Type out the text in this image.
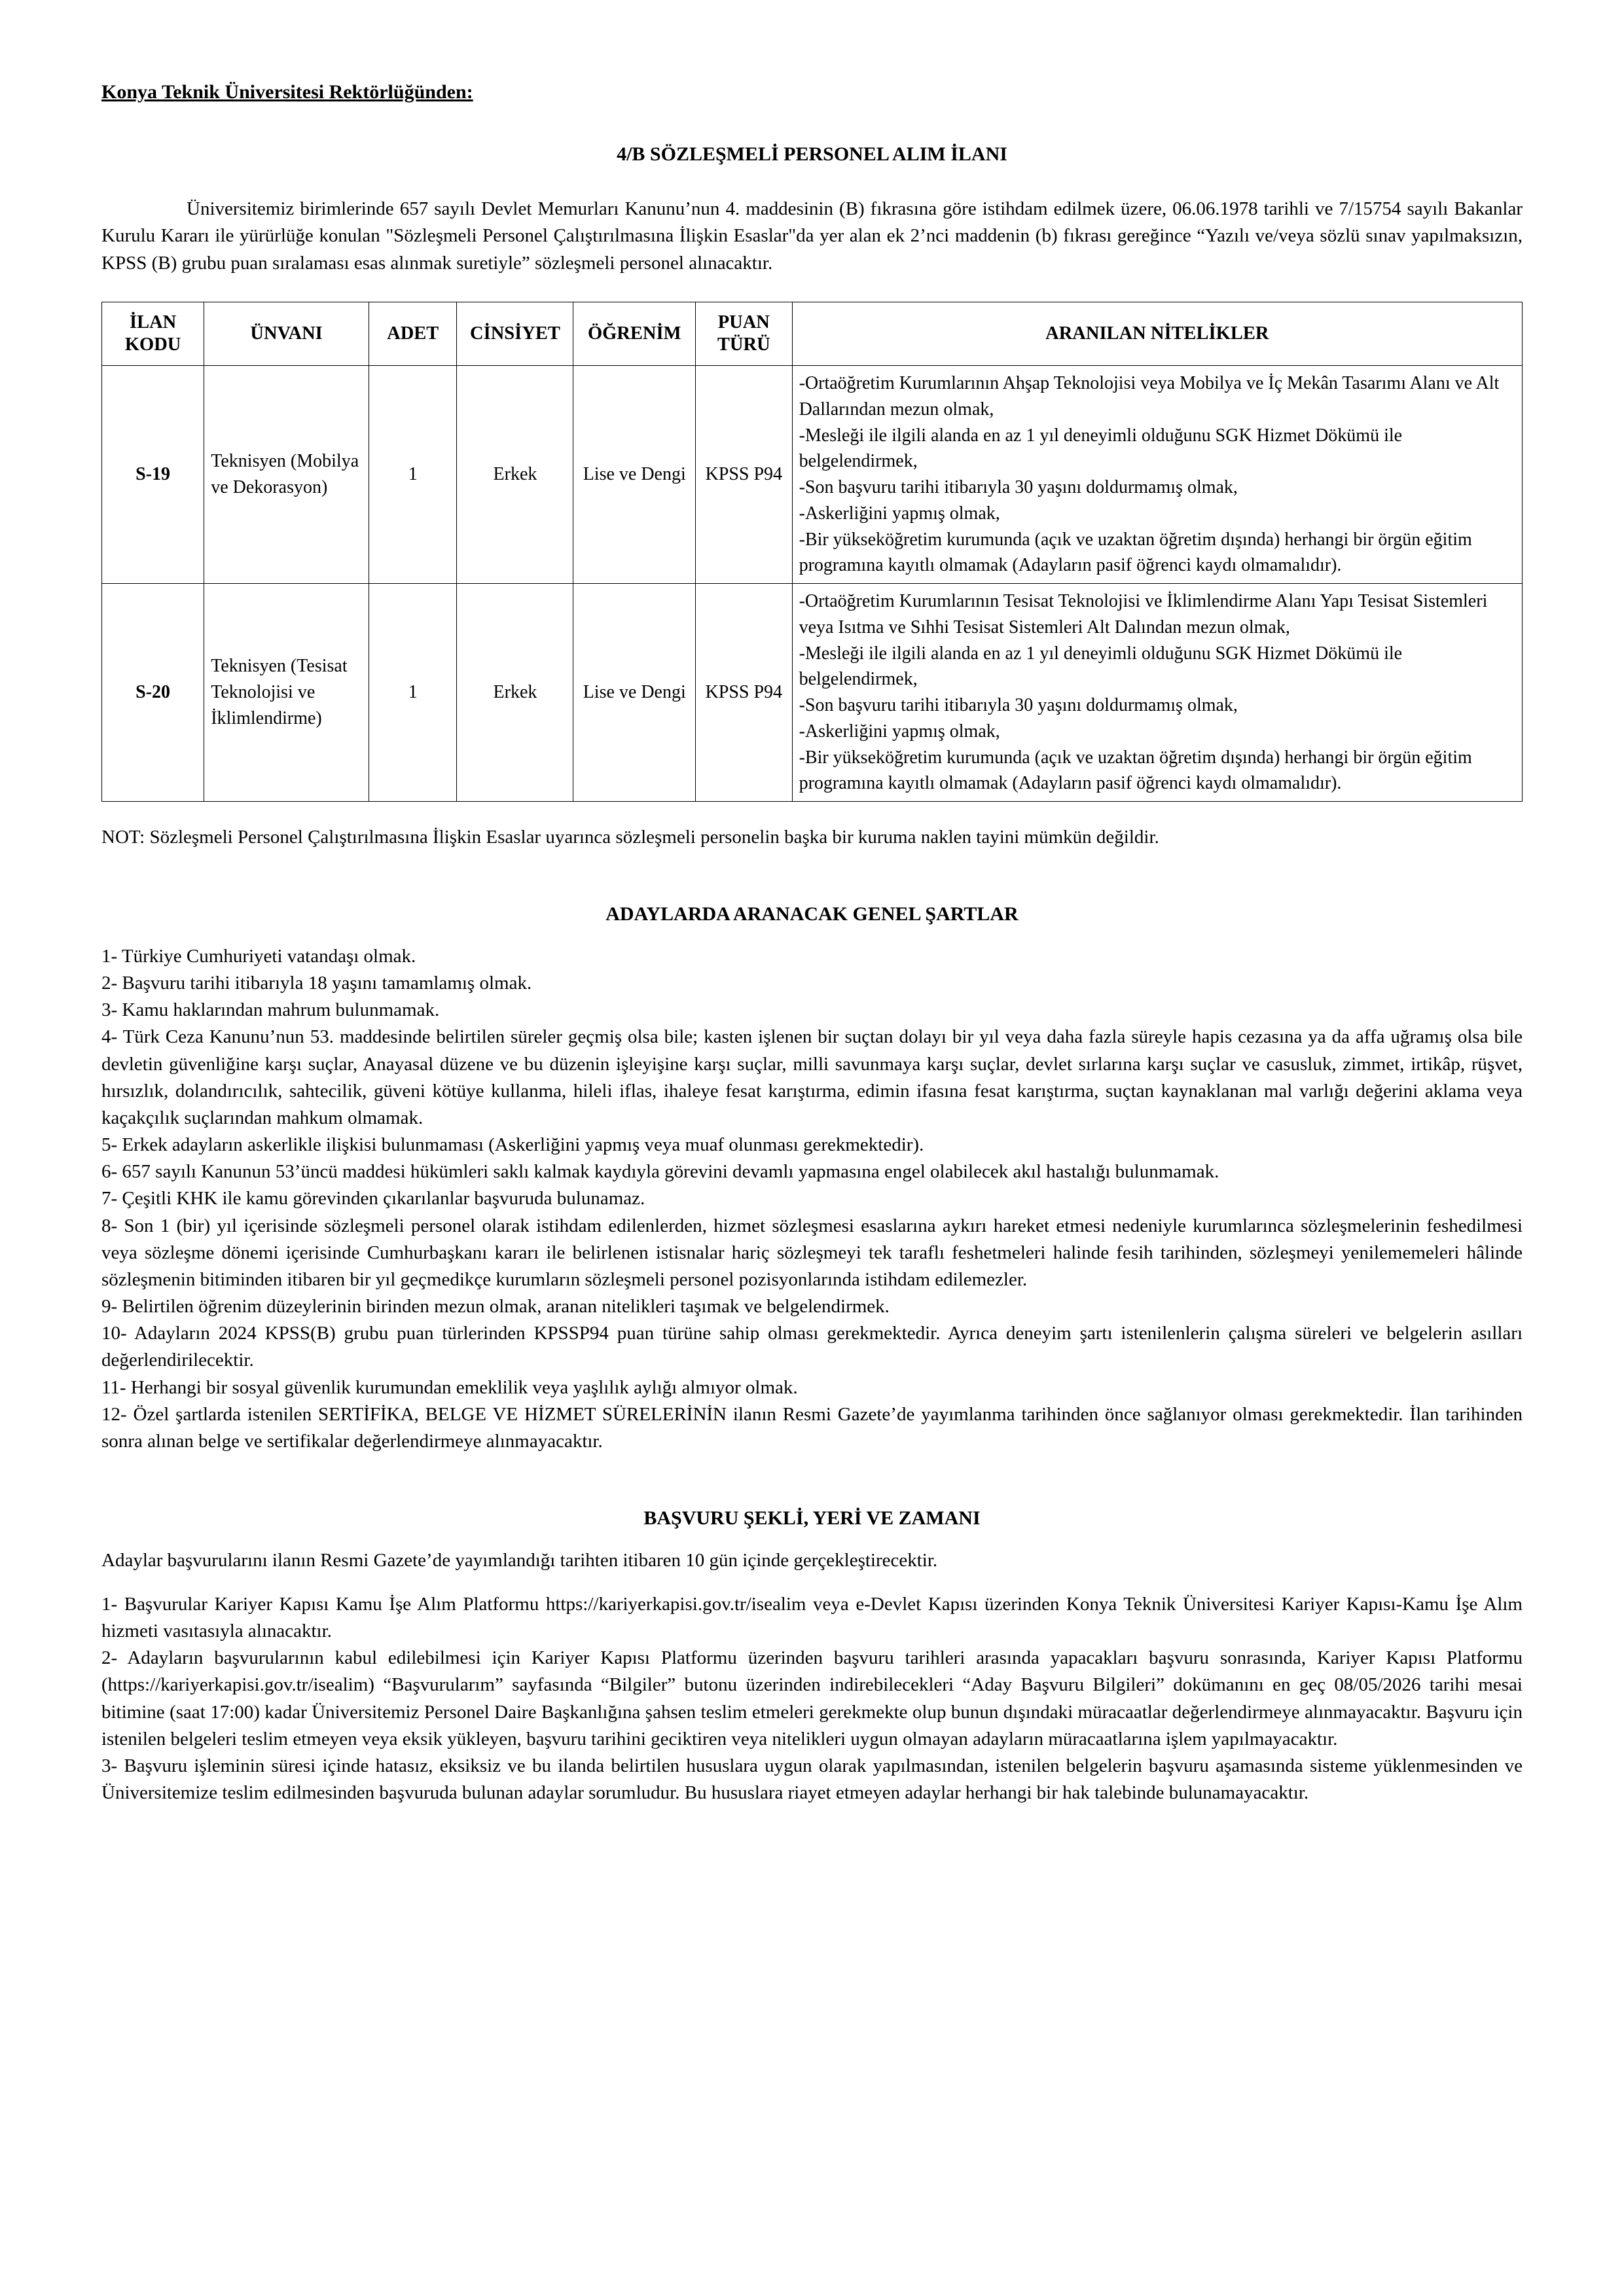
Konya Teknik Üniversitesi Rektörlüğünden:
4/B SÖZLEŞMELİ PERSONEL ALIM İLANI
Üniversitemiz birimlerinde 657 sayılı Devlet Memurları Kanunu’nun 4. maddesinin (B) fıkrasına göre istihdam edilmek üzere, 06.06.1978 tarihli ve 7/15754 sayılı Bakanlar Kurulu Kararı ile yürürlüğe konulan "Sözleşmeli Personel Çalıştırılmasına İlişkin Esaslar"da yer alan ek 2’nci maddenin (b) fıkrası gereğince “Yazılı ve/veya sözlü sınav yapılmaksızın, KPSS (B) grubu puan sıralaması esas alınmak suretiyle” sözleşmeli personel alınacaktır.
İLAN KODU	ÜNVANI	ADET	CİNSİYET	ÖĞRENİM	PUAN TÜRÜ	ARANILAN NİTELİKLER
S-19	Teknisyen (Mobilya ve Dekorasyon)	1	Erkek	Lise ve Dengi	KPSS P94	-Ortaöğretim Kurumlarının Ahşap Teknolojisi veya Mobilya ve İç Mekân Tasarımı Alanı ve Alt Dallarından mezun olmak,
-Mesleği ile ilgili alanda en az 1 yıl deneyimli olduğunu SGK Hizmet Dökümü ile belgelendirmek,
-Son başvuru tarihi itibarıyla 30 yaşını doldurmamış olmak,
-Askerliğini yapmış olmak,
-Bir yükseköğretim kurumunda (açık ve uzaktan öğretim dışında) herhangi bir örgün eğitim programına kayıtlı olmamak (Adayların pasif öğrenci kaydı olmamalıdır).

S-20	Teknisyen (Tesisat Teknolojisi ve İklimlendirme)	1	Erkek	Lise ve Dengi	KPSS P94	-Ortaöğretim Kurumlarının Tesisat Teknolojisi ve İklimlendirme Alanı Yapı Tesisat Sistemleri veya Isıtma ve Sıhhi Tesisat Sistemleri Alt Dalından mezun olmak,
-Mesleği ile ilgili alanda en az 1 yıl deneyimli olduğunu SGK Hizmet Dökümü ile belgelendirmek,
-Son başvuru tarihi itibarıyla 30 yaşını doldurmamış olmak,
-Askerliğini yapmış olmak,
-Bir yükseköğretim kurumunda (açık ve uzaktan öğretim dışında) herhangi bir örgün eğitim programına kayıtlı olmamak (Adayların pasif öğrenci kaydı olmamalıdır).
NOT: Sözleşmeli Personel Çalıştırılmasına İlişkin Esaslar uyarınca sözleşmeli personelin başka bir kuruma naklen tayini mümkün değildir.
ADAYLARDA ARANACAK GENEL ŞARTLAR
1- Türkiye Cumhuriyeti vatandaşı olmak.
2- Başvuru tarihi itibarıyla 18 yaşını tamamlamış olmak.
3- Kamu haklarından mahrum bulunmamak.
4- Türk Ceza Kanunu’nun 53. maddesinde belirtilen süreler geçmiş olsa bile; kasten işlenen bir suçtan dolayı bir yıl veya daha fazla süreyle hapis cezasına ya da affa uğramış olsa bile devletin güvenliğine karşı suçlar, Anayasal düzene ve bu düzenin işleyişine karşı suçlar, milli savunmaya karşı suçlar, devlet sırlarına karşı suçlar ve casusluk, zimmet, irtikâp, rüşvet, hırsızlık, dolandırıcılık, sahtecilik, güveni kötüye kullanma, hileli iflas, ihaleye fesat karıştırma, edimin ifasına fesat karıştırma, suçtan kaynaklanan mal varlığı değerini aklama veya kaçakçılık suçlarından mahkum olmamak.
5- Erkek adayların askerlikle ilişkisi bulunmaması (Askerliğini yapmış veya muaf olunması gerekmektedir).
6- 657 sayılı Kanunun 53’üncü maddesi hükümleri saklı kalmak kaydıyla görevini devamlı yapmasına engel olabilecek akıl hastalığı bulunmamak.
7- Çeşitli KHK ile kamu görevinden çıkarılanlar başvuruda bulunamaz.
8- Son 1 (bir) yıl içerisinde sözleşmeli personel olarak istihdam edilenlerden, hizmet sözleşmesi esaslarına aykırı hareket etmesi nedeniyle kurumlarınca sözleşmelerinin feshedilmesi veya sözleşme dönemi içerisinde Cumhurbaşkanı kararı ile belirlenen istisnalar hariç sözleşmeyi tek taraflı feshetmeleri halinde fesih tarihinden, sözleşmeyi yenilememeleri hâlinde sözleşmenin bitiminden itibaren bir yıl geçmedikçe kurumların sözleşmeli personel pozisyonlarında istihdam edilemezler.
9- Belirtilen öğrenim düzeylerinin birinden mezun olmak, aranan nitelikleri taşımak ve belgelendirmek.
10- Adayların 2024 KPSS(B) grubu puan türlerinden KPSSP94 puan türüne sahip olması gerekmektedir. Ayrıca deneyim şartı istenilenlerin çalışma süreleri ve belgelerin asılları değerlendirilecektir.
11- Herhangi bir sosyal güvenlik kurumundan emeklilik veya yaşlılık aylığı almıyor olmak.
12- Özel şartlarda istenilen SERTİFİKA, BELGE VE HİZMET SÜRELERİNİN ilanın Resmi Gazete’de yayımlanma tarihinden önce sağlanıyor olması gerekmektedir. İlan tarihinden sonra alınan belge ve sertifikalar değerlendirmeye alınmayacaktır.
BAŞVURU ŞEKLİ, YERİ VE ZAMANI
Adaylar başvurularını ilanın Resmi Gazete’de yayımlandığı tarihten itibaren 10 gün içinde gerçekleştirecektir.
1- Başvurular Kariyer Kapısı Kamu İşe Alım Platformu https://kariyerkapisi.gov.tr/isealim veya e-Devlet Kapısı üzerinden Konya Teknik Üniversitesi Kariyer Kapısı-Kamu İşe Alım hizmeti vasıtasıyla alınacaktır.
2- Adayların başvurularının kabul edilebilmesi için Kariyer Kapısı Platformu üzerinden başvuru tarihleri arasında yapacakları başvuru sonrasında, Kariyer Kapısı Platformu (https://kariyerkapisi.gov.tr/isealim) “Başvurularım” sayfasında “Bilgiler” butonu üzerinden indirebilecekleri “Aday Başvuru Bilgileri” dokümanını en geç 08/05/2026 tarihi mesai bitimine (saat 17:00) kadar Üniversitemiz Personel Daire Başkanlığına şahsen teslim etmeleri gerekmekte olup bunun dışındaki müracaatlar değerlendirmeye alınmayacaktır. Başvuru için istenilen belgeleri teslim etmeyen veya eksik yükleyen, başvuru tarihini geciktiren veya nitelikleri uygun olmayan adayların müracaatlarına işlem yapılmayacaktır.
3- Başvuru işleminin süresi içinde hatasız, eksiksiz ve bu ilanda belirtilen hususlara uygun olarak yapılmasından, istenilen belgelerin başvuru aşamasında sisteme yüklenmesinden ve Üniversitemize teslim edilmesinden başvuruda bulunan adaylar sorumludur. Bu hususlara riayet etmeyen adaylar herhangi bir hak talebinde bulunamayacaktır.
